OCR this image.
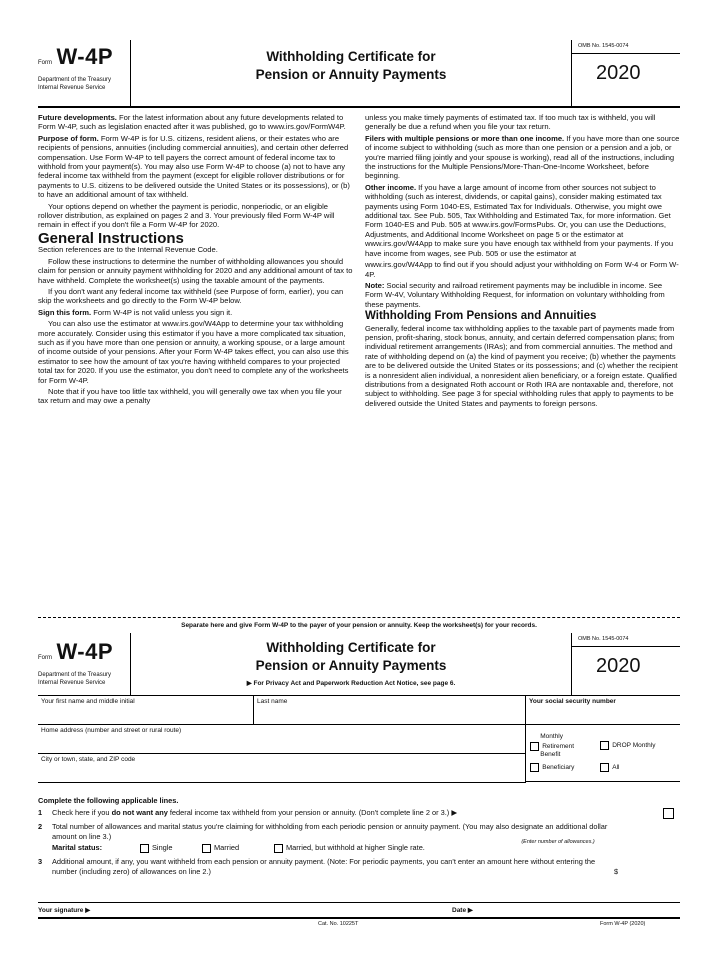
Form W-4P
Department of the Treasury
Internal Revenue Service
Withholding Certificate for
Pension or Annuity Payments
OMB No. 1545-0074
2020

Future developments. For the latest information about any future developments related to Form W-4P, such as legislation enacted after it was published, go to www.irs.gov/FormW4P.

Purpose of form. Form W-4P is for U.S. citizens, resident aliens, or their estates who are recipients of pensions, annuities (including commercial annuities), and certain other deferred compensation. Use Form W-4P to tell payers the correct amount of federal income tax to withhold from your payment(s). You may also use Form W-4P to choose (a) not to have any federal income tax withheld from the payment (except for eligible rollover distributions or for payments to U.S. citizens to be delivered outside the United States or its possessions), or (b) to have an additional amount of tax withheld.

Your options depend on whether the payment is periodic, nonperiodic, or an eligible rollover distribution, as explained on pages 2 and 3. Your previously filed Form W-4P will remain in effect if you don't file a Form W-4P for 2020.

General Instructions

Section references are to the Internal Revenue Code.

Follow these instructions to determine the number of withholding allowances you should claim for pension or annuity payment withholding for 2020 and any additional amount of tax to have withheld. Complete the worksheet(s) using the taxable amount of the payments.

If you don't want any federal income tax withheld (see Purpose of form, earlier), you can skip the worksheets and go directly to the Form W-4P below.

Sign this form. Form W-4P is not valid unless you sign it.

You can also use the estimator at www.irs.gov/W4App to determine your tax withholding more accurately. Consider using this estimator if you have a more complicated tax situation, such as if you have more than one pension or annuity, a working spouse, or a large amount of income outside of your pensions. After your Form W-4P takes effect, you can also use this estimator to see how the amount of tax you're having withheld compares to your projected total tax for 2020. If you use the estimator, you don't need to complete any of the worksheets for Form W-4P.

Note that if you have too little tax withheld, you will generally owe tax when you file your tax return and may owe a penalty

unless you make timely payments of estimated tax. If too much tax is withheld, you will generally be due a refund when you file your tax return.

Filers with multiple pensions or more than one income. If you have more than one source of income subject to withholding (such as more than one pension or a pension and a job, or you're married filing jointly and your spouse is working), read all of the instructions, including the instructions for the Multiple Pensions/More-Than-One-Income Worksheet, before beginning.

Other income. If you have a large amount of income from other sources not subject to withholding (such as interest, dividends, or capital gains), consider making estimated tax payments using Form 1040-ES, Estimated Tax for Individuals. Otherwise, you might owe additional tax. See Pub. 505, Tax Withholding and Estimated Tax, for more information. Get Form 1040-ES and Pub. 505 at www.irs.gov/FormsPubs. Or, you can use the Deductions, Adjustments, and Additional Income Worksheet on page 5 or the estimator at www.irs.gov/W4App to make sure you have enough tax withheld from your payments. If you have income from wages, see Pub. 505 or use the estimator at

www.irs.gov/W4App to find out if you should adjust your withholding on Form W-4 or Form W-4P.

Note: Social security and railroad retirement payments may be includible in income. See Form W-4V, Voluntary Withholding Request, for information on voluntary withholding from these payments.

Withholding From Pensions and Annuities

Generally, federal income tax withholding applies to the taxable part of payments made from pension, profit-sharing, stock bonus, annuity, and certain deferred compensation plans; from individual retirement arrangements (IRAs); and from commercial annuities. The method and rate of withholding depend on (a) the kind of payment you receive; (b) whether the payments are to be delivered outside the United States or its possessions; and (c) whether the recipient is a nonresident alien individual, a nonresident alien beneficiary, or a foreign estate. Qualified distributions from a designated Roth account or Roth IRA are nontaxable and, therefore, not subject to withholding. See page 3 for special withholding rules that apply to payments to be delivered outside the United States and payments to foreign persons.

Separate here and give Form W-4P to the payer of your pension or annuity. Keep the worksheet(s) for your records.
Form W-4P
Department of the Treasury
Internal Revenue Service
Withholding Certificate for
Pension or Annuity Payments
▶ For Privacy Act and Paperwork Reduction Act Notice, see page 6.
OMB No. 1545-0074
2020
Your first name and middle initial	Last name	Your social security number
Home address (number and street or rural route)
City or town, state, and ZIP code
Monthly
Retirement
Benefit
DROP Monthly
Beneficiary	All
Complete the following applicable lines.
1	Check here if you do not want any federal income tax withheld from your pension or annuity. (Don't complete line 2 or 3.) ▶
2	Total number of allowances and marital status you're claiming for withholding from each periodic pension or annuity payment. (You may also designate an additional dollar amount on line 3.)
Marital status:	Single	Married	Married, but withhold at higher Single rate.
(Enter number of allowances.)
3	Additional amount, if any, you want withheld from each pension or annuity payment. (Note: For periodic payments, you can't enter an amount here without entering the number (including zero) of allowances on line 2.)	$
Your signature ▶	Date ▶
Cat. No. 10225T	Form W-4P (2020)
